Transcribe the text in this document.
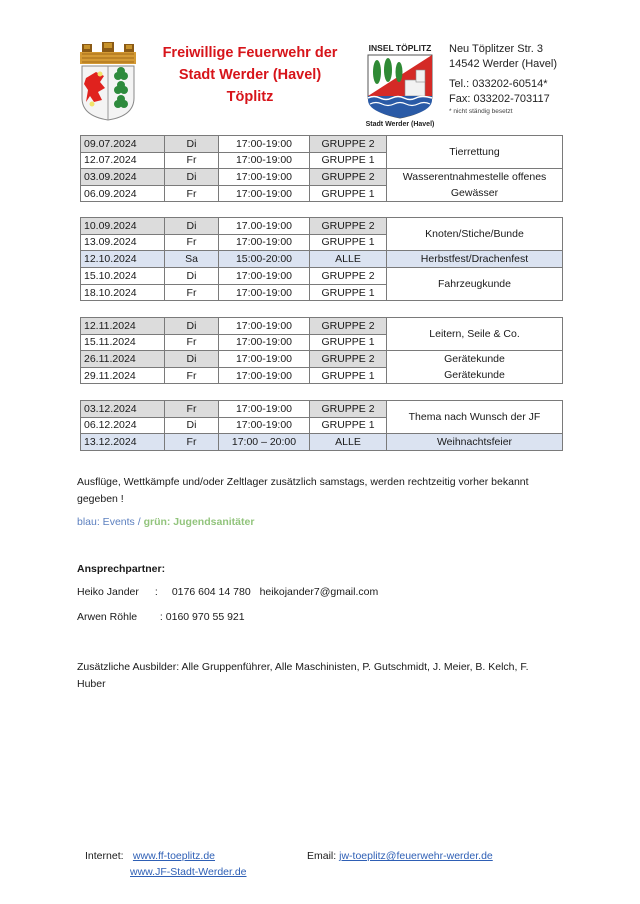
Freiwillige Feuerwehr der
Stadt Werder (Havel)
Töplitz
INSEL TÖPLITZ
Stadt Werder (Havel)
Neu Töplitzer Str. 3
14542 Werder (Havel)
Tel.: 033202-60514*
Fax: 033202-703117
* nicht ständig besetzt
09.07.2024	Di	17:00-19:00	GRUPPE 2	Tierrettung
12.07.2024	Fr	17:00-19:00	GRUPPE 1	
03.09.2024	Di	17:00-19:00	GRUPPE 2	Wasserentnahmestelle offenes Gewässer
06.09.2024	Fr	17:00-19:00	GRUPPE 1	
10.09.2024	Di	17.00-19:00	GRUPPE 2	Knoten/Stiche/Bunde
13.09.2024	Fr	17:00-19:00	GRUPPE 1	
12.10.2024	Sa	15:00-20:00	ALLE	Herbstfest/Drachenfest
15.10.2024	Di	17:00-19:00	GRUPPE 2	Fahrzeugkunde
18.10.2024	Fr	17:00-19:00	GRUPPE 1	
12.11.2024	Di	17:00-19:00	GRUPPE 2	Leitern, Seile & Co.
15.11.2024	Fr	17:00-19:00	GRUPPE 1	
26.11.2024	Di	17:00-19:00	GRUPPE 2	Gerätekunde
29.11.2024	Fr	17:00-19:00	GRUPPE 1	Gerätekunde
03.12.2024	Fr	17:00-19:00	GRUPPE 2	Thema nach Wunsch der JF
06.12.2024	Di	17:00-19:00	GRUPPE 1	
13.12.2024	Fr	17:00 – 20:00	ALLE	Weihnachtsfeier
Ausflüge, Wettkämpfe und/oder Zeltlager zusätzlich samstags, werden rechtzeitig vorher bekannt
gegeben !
blau: Events / grün: Jugendsanitäter
Ansprechpartner:
Heiko Jander : 0176 604 14 780 heikojander7@gmail.com
Arwen Röhle : 0160 970 55 921
Zusätzliche Ausbilder: Alle Gruppenführer, Alle Maschinisten, P. Gutschmidt, J. Meier, B. Kelch, F.
Huber
Internet: www.ff-toeplitz.de
www.JF-Stadt-Werder.de
Email: jw-toeplitz@feuerwehr-werder.de
